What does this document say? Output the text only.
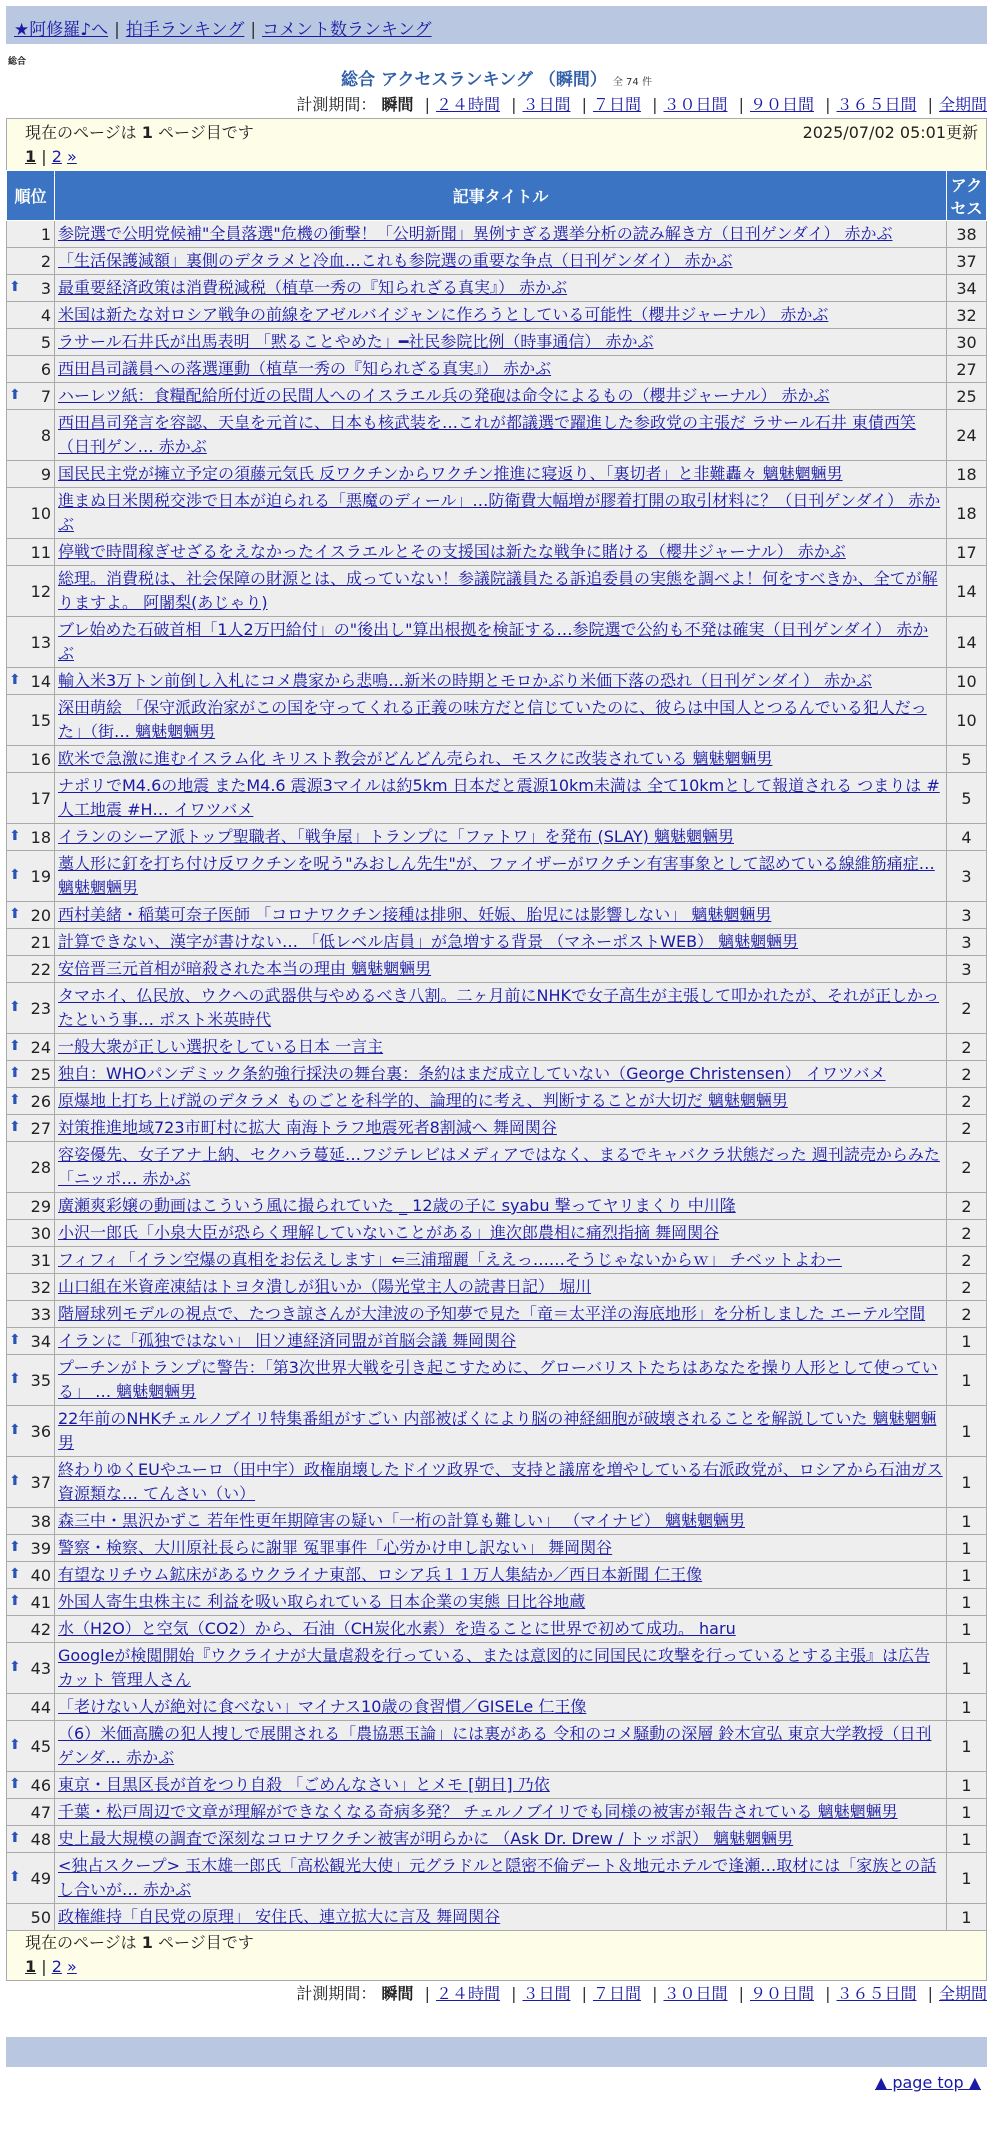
★阿修羅♪へ | 拍手ランキング | コメント数ランキング
総合
総合 アクセスランキング （瞬間） 全 74 件
計測期間： 瞬間 | ２４時間 | ３日間 | ７日間 | ３０日間 | ９０日間 | ３６５日間 | 全期間
現在のページは 1 ページ目です	2025/07/02 05:01更新
1 | 2 »
順位	記事タイトル	アクセス
1	参院選で公明党候補"全員落選"危機の衝撃！「公明新聞」異例すぎる選挙分析の読み解き方（日刊ゲンダイ） 赤かぶ	38
2	「生活保護減額」裏側のデタラメと冷血…これも参院選の重要な争点（日刊ゲンダイ） 赤かぶ	37

⬆ 3	最重要経済政策は消費税減税（植草一秀の『知られざる真実』） 赤かぶ	34
4	米国は新たな対ロシア戦争の前線をアゼルバイジャンに作ろうとしている可能性（櫻井ジャーナル） 赤かぶ	32
5	ラサール石井氏が出馬表明 「黙ることやめた」━社民参院比例（時事通信） 赤かぶ	30
6	西田昌司議員への落選運動（植草一秀の『知られざる真実』） 赤かぶ	27

⬆ 7	ハーレツ紙：食糧配給所付近の民間人へのイスラエル兵の発砲は命令によるもの（櫻井ジャーナル） 赤かぶ	25
8	西田昌司発言を容認、天皇を元首に、日本も核武装を…これが都議選で躍進した参政党の主張だ ラサール石井 東債西笑（日刊ゲン… 赤かぶ	24
9	国民民主党が擁立予定の須藤元気氏 反ワクチンからワクチン推進に寝返り、「裏切者」と非難轟々 魑魅魍魎男	18
10	進まぬ日米関税交渉で日本が迫られる「悪魔のディール」…防衛費大幅増が膠着打開の取引材料に？（日刊ゲンダイ） 赤かぶ	18
11	停戦で時間稼ぎせざるをえなかったイスラエルとその支援国は新たな戦争に賭ける（櫻井ジャーナル） 赤かぶ	17
12	総理。消費税は、社会保障の財源とは、成っていない！参議院議員たる訴追委員の実態を調べよ！何をすべきか、全てが解りますよ。 阿闍梨(あじゃり)	14
13	ブレ始めた石破首相「1人2万円給付」の"後出し"算出根拠を検証する…参院選で公約も不発は確実（日刊ゲンダイ） 赤かぶ	14

⬆ 14	輸入米3万トン前倒し入札にコメ農家から悲鳴…新米の時期とモロかぶり米価下落の恐れ（日刊ゲンダイ） 赤かぶ	10
15	深田萌絵 「保守派政治家がこの国を守ってくれる正義の味方だと信じていたのに、彼らは中国人とつるんでいる犯人だった」（街… 魑魅魍魎男	10
16	欧米で急激に進むイスラム化 キリスト教会がどんどん売られ、モスクに改装されている 魑魅魍魎男	5
17	ナポリでM4.6の地震 またM4.6 震源3マイルは約5km 日本だと震源10km未満は 全て10kmとして報道される つまりは #人工地震 #H… イワツバメ	5

⬆ 18	イランのシーア派トップ聖職者、「戦争屋」トランプに「ファトワ」を発布 (SLAY) 魑魅魍魎男	4

⬆ 19	藁人形に釘を打ち付け反ワクチンを呪う"みおしん先生"が、ファイザーがワクチン有害事象として認めている線維筋痛症… 魑魅魍魎男	3

⬆ 20	西村美緒・稲葉可奈子医師 「コロナワクチン接種は排卵、妊娠、胎児には影響しない」 魑魅魍魎男	3
21	計算できない、漢字が書けない… 「低レベル店員」が急増する背景 （マネーポストWEB） 魑魅魍魎男	3
22	安倍晋三元首相が暗殺された本当の理由 魑魅魍魎男	3

⬆ 23	タマホイ、仏民放、ウクへの武器供与やめるべき八割。二ヶ月前にNHKで女子高生が主張して叩かれたが、それが正しかったという事… ポスト米英時代	2

⬆ 24	一般大衆が正しい選択をしている日本 一言主	2

⬆ 25	独自：WHOパンデミック条約強行採決の舞台裏：条約はまだ成立していない（George Christensen） イワツバメ	2

⬆ 26	原爆地上打ち上げ説のデタラメ ものごとを科学的、論理的に考え、判断することが大切だ 魑魅魍魎男	2

⬆ 27	対策推進地域723市町村に拡大 南海トラフ地震死者8割減へ 舞岡関谷	2
28	容姿優先、女子アナ上納、セクハラ蔓延…フジテレビはメディアではなく、まるでキャバクラ状態だった 週刊読売からみた「ニッポ… 赤かぶ	2
29	廣瀬爽彩嬢の動画はこういう風に撮られていた _ 12歳の子に syabu 撃ってヤリまくり 中川隆	2
30	小沢一郎氏「小泉大臣が恐らく理解していないことがある」進次郎農相に痛烈指摘 舞岡関谷	2
31	フィフィ「イラン空爆の真相をお伝えします」⇐三浦瑠麗「ええっ……そうじゃないからｗ」 チベットよわー	2
32	山口組在米資産凍結はトヨタ潰しが狙いか（陽光堂主人の読書日記） 堀川	2
33	階層球列モデルの視点で、たつき諒さんが大津波の予知夢で見た「竜＝太平洋の海底地形」を分析しました エーテル空間	2

⬆ 34	イランに「孤独ではない」 旧ソ連経済同盟が首脳会議 舞岡関谷	1

⬆ 35	プーチンがトランプに警告：「第3次世界大戦を引き起こすために、グローバリストたちはあなたを操り人形として使っている」 … 魑魅魍魎男	1

⬆ 36	22年前のNHKチェルノブイリ特集番組がすごい 内部被ばくにより脳の神経細胞が破壊されることを解説していた 魑魅魍魎男	1

⬆ 37	終わりゆくEUやユーロ（田中宇）政権崩壊したドイツ政界で、支持と議席を増やしている右派政党が、ロシアから石油ガス資源類な… てんさい（い）	1
38	森三中・黒沢かずこ 若年性更年期障害の疑い「一桁の計算も難しい」 （マイナビ） 魑魅魍魎男	1

⬆ 39	警察・検察、大川原社長らに謝罪 冤罪事件「心労かけ申し訳ない」 舞岡関谷	1

⬆ 40	有望なリチウム鉱床があるウクライナ東部、ロシア兵１１万人集結か／西日本新聞 仁王像	1

⬆ 41	外国人寄生虫株主に 利益を吸い取られている 日本企業の実態 日比谷地蔵	1
42	水（H2O）と空気（CO2）から、石油（CH炭化水素）を造ることに世界で初めて成功。 haru	1

⬆ 43	Googleが検閲開始『ウクライナが大量虐殺を行っている、または意図的に同国民に攻撃を行っているとする主張』は広告カット 管理人さん	1
44	「老けない人が絶対に食べない」マイナス10歳の食習慣／GISELe 仁王像	1

⬆ 45	（6）米価高騰の犯人捜しで展開される「農協悪玉論」には裏がある 令和のコメ騒動の深層 鈴木宣弘 東京大学教授（日刊ゲンダ… 赤かぶ	1

⬆ 46	東京・目黒区長が首をつり自殺 「ごめんなさい」とメモ [朝日] 乃依	1
47	千葉・松戸周辺で文章が理解ができなくなる奇病多発？ チェルノブイリでも同様の被害が報告されている 魑魅魍魎男	1

⬆ 48	史上最大規模の調査で深刻なコロナワクチン被害が明らかに （Ask Dr. Drew / トッポ訳） 魑魅魍魎男	1

⬆ 49	<独占スクープ> 玉木雄一郎氏「高松観光大使」元グラドルと隠密不倫デート＆地元ホテルで逢瀬…取材には「家族との話し合いが… 赤かぶ	1
50	政権維持「自民党の原理」 安住氏、連立拡大に言及 舞岡関谷	1
現在のページは 1 ページ目です
1 | 2 »
計測期間： 瞬間 | ２４時間 | ３日間 | ７日間 | ３０日間 | ９０日間 | ３６５日間 | 全期間
▲ page top ▲
